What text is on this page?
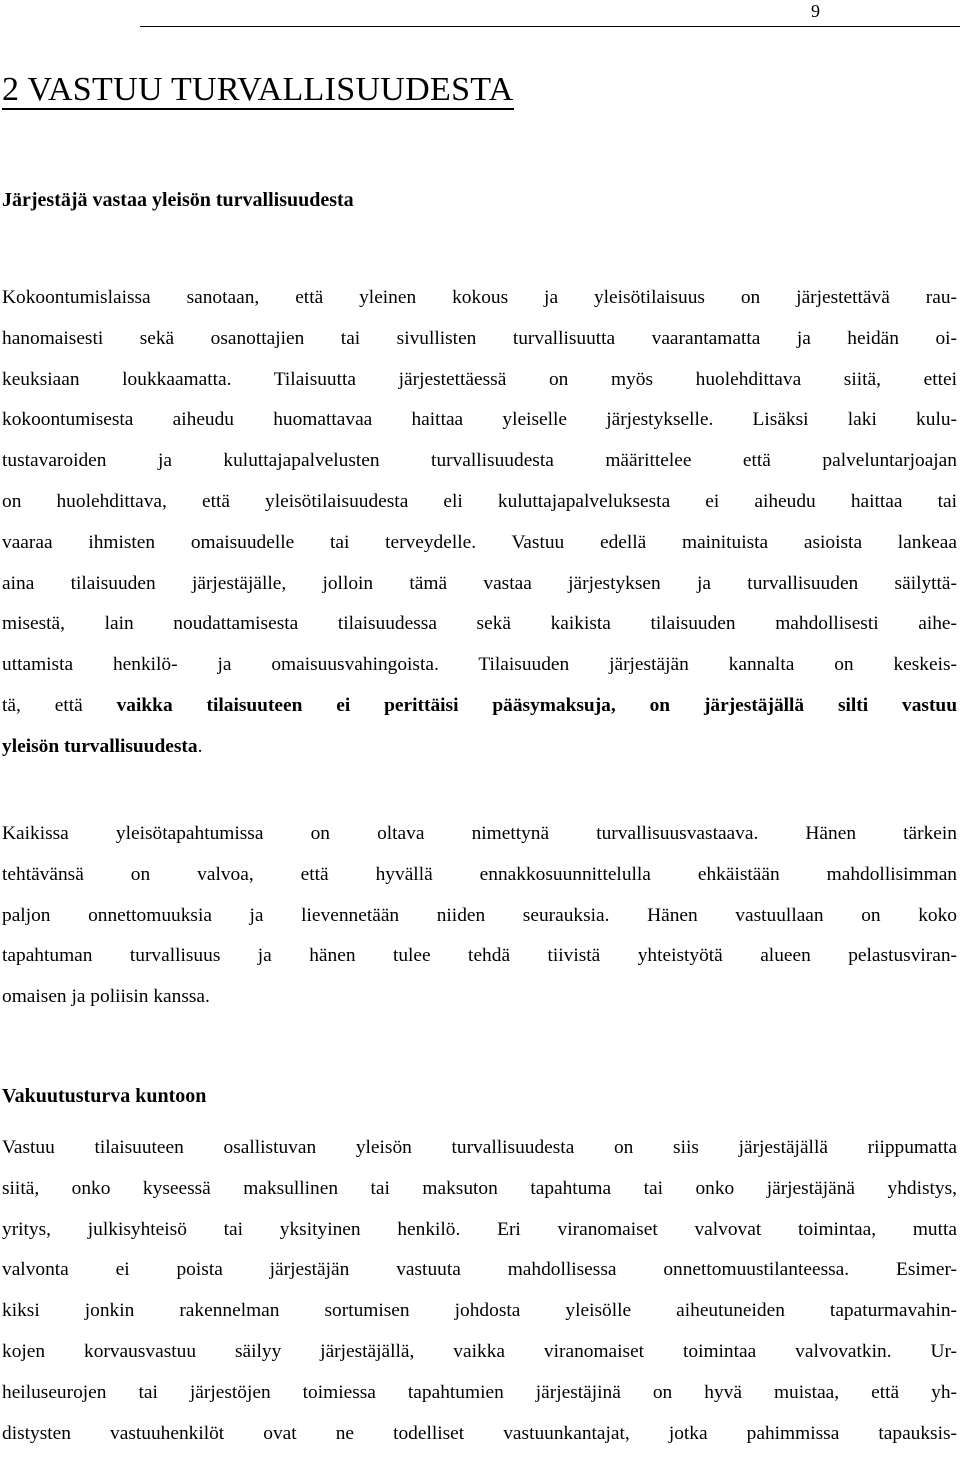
9
2 VASTUU TURVALLISUUDESTA
Järjestäjä vastaa yleisön turvallisuudesta
Kokoontumislaissa sanotaan, että yleinen kokous ja yleisötilaisuus on järjestettävä rau-
hanomaisesti sekä osanottajien tai sivullisten turvallisuutta vaarantamatta ja heidän oi-
keuksiaan loukkaamatta. Tilaisuutta järjestettäessä on myös huolehdittava siitä, ettei
kokoontumisesta aiheudu huomattavaa haittaa yleiselle järjestykselle. Lisäksi laki kulu-
tustavaroiden ja kuluttajapalvelusten turvallisuudesta määrittelee että palveluntarjoajan
on huolehdittava, että yleisötilaisuudesta eli kuluttajapalveluksesta ei aiheudu haittaa tai
vaaraa ihmisten omaisuudelle tai terveydelle. Vastuu edellä mainituista asioista lankeaa
aina tilaisuuden järjestäjälle, jolloin tämä vastaa järjestyksen ja turvallisuuden säilyttä-
misestä, lain noudattamisesta tilaisuudessa sekä kaikista tilaisuuden mahdollisesti aihe-
uttamista henkilö- ja omaisuusvahingoista. Tilaisuuden järjestäjän kannalta on keskeis-
tä, että vaikka tilaisuuteen ei perittäisi pääsymaksuja, on järjestäjällä silti vastuu
yleisön turvallisuudesta.
Kaikissa yleisötapahtumissa on oltava nimettynä turvallisuusvastaava. Hänen tärkein
tehtävänsä on valvoa, että hyvällä ennakkosuunnittelulla ehkäistään mahdollisimman
paljon onnettomuuksia ja lievennetään niiden seurauksia. Hänen vastuullaan on koko
tapahtuman turvallisuus ja hänen tulee tehdä tiivistä yhteistyötä alueen pelastusviran-
omaisen ja poliisin kanssa.
Vakuutusturva kuntoon
Vastuu tilaisuuteen osallistuvan yleisön turvallisuudesta on siis järjestäjällä riippumatta
siitä, onko kyseessä maksullinen tai maksuton tapahtuma tai onko järjestäjänä yhdistys,
yritys, julkisyhteisö tai yksityinen henkilö. Eri viranomaiset valvovat toimintaa, mutta
valvonta ei poista järjestäjän vastuuta mahdollisessa onnettomuustilanteessa. Esimer-
kiksi jonkin rakennelman sortumisen johdosta yleisölle aiheutuneiden tapaturmavahin-
kojen korvausvastuu säilyy järjestäjällä, vaikka viranomaiset toimintaa valvovatkin. Ur-
heiluseurojen tai järjestöjen toimiessa tapahtumien järjestäjinä on hyvä muistaa, että yh-
distysten vastuuhenkilöt ovat ne todelliset vastuunkantajat, jotka pahimmissa tapauksis-
